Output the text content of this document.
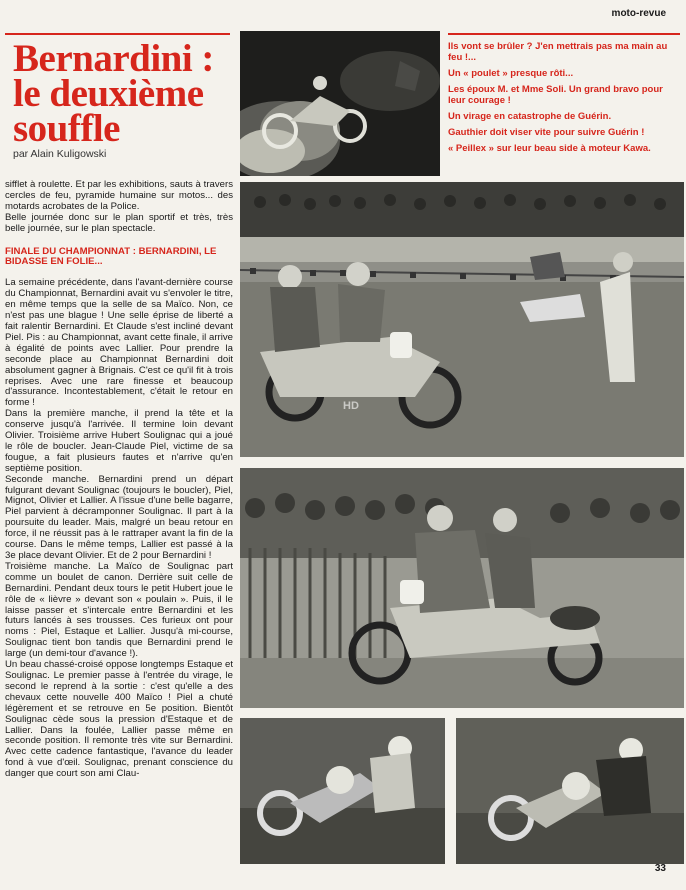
moto-revue
Bernardini :
le deuxième
souffle
par Alain Kuligowski

Ils vont se brûler ? J'en mettrais pas ma main au feu !...

Un « poulet » presque rôti...

Les époux M. et Mme Soli. Un grand bravo pour leur courage !

Un virage en catastrophe de Guérin.

Gauthier doit viser vite pour suivre Guérin !

« Peillex » sur leur beau side à moteur Kawa.

HD

sifflet à roulette. Et par les exhibitions, sauts à travers cercles de feu, pyramide humaine sur motos... des motards acrobates de la Police.

Belle journée donc sur le plan sportif et très, très belle journée, sur le plan spectacle.

FINALE DU CHAMPIONNAT : BERNARDINI, LE BIDASSE EN FOLIE...

La semaine précédente, dans l'avant-dernière course du Championnat, Bernardini avait vu s'envoler le titre, en même temps que la selle de sa Maïco. Non, ce n'est pas une blague ! Une selle éprise de liberté a fait ralentir Bernardini. Et Claude s'est incliné devant Piel. Pis : au Championnat, avant cette finale, il arrive à égalité de points avec Lallier. Pour prendre la seconde place au Championnat Bernardini doit absolument gagner à Brignais. C'est ce qu'il fit à trois reprises. Avec une rare finesse et beaucoup d'assurance. Incontestablement, c'était le retour en forme !

Dans la première manche, il prend la tête et la conserve jusqu'à l'arrivée. Il termine loin devant Olivier. Troisième arrive Hubert Soulignac qui a joué le rôle de boucler. Jean-Claude Piel, victime de sa fougue, a fait plusieurs fautes et n'arrive qu'en septième position.

Seconde manche. Bernardini prend un départ fulgurant devant Soulignac (toujours le boucler), Piel, Mignot, Olivier et Lallier. A l'issue d'une belle bagarre, Piel parvient à décramponner Soulignac. Il part à la poursuite du leader. Mais, malgré un beau retour en force, il ne réussit pas à le rattraper avant la fin de la course. Dans le même temps, Lallier est passé à la 3e place devant Olivier. Et de 2 pour Bernardini !

Troisième manche. La Maïco de Soulignac part comme un boulet de canon. Derrière suit celle de Bernardini. Pendant deux tours le petit Hubert joue le rôle de « lièvre » devant son « poulain ». Puis, il le laisse passer et s'intercale entre Bernardini et les futurs lancés à ses trousses. Ces furieux ont pour noms : Piel, Estaque et Lallier. Jusqu'à mi-course, Soulignac tient bon tandis que Bernardini prend le large (un demi-tour d'avance !).

Un beau chassé-croisé oppose longtemps Estaque et Soulignac. Le premier passe à l'entrée du virage, le second le reprend à la sortie : c'est qu'elle a des chevaux cette nouvelle 400 Maïco ! Piel a chuté légèrement et se retrouve en 5e position. Bientôt Soulignac cède sous la pression d'Estaque et de Lallier. Dans la foulée, Lallier passe même en seconde position. Il remonte très vite sur Bernardini. Avec cette cadence fantastique, l'avance du leader fond à vue d'œil. Soulignac, prenant conscience du danger que court son ami Clau-

33
